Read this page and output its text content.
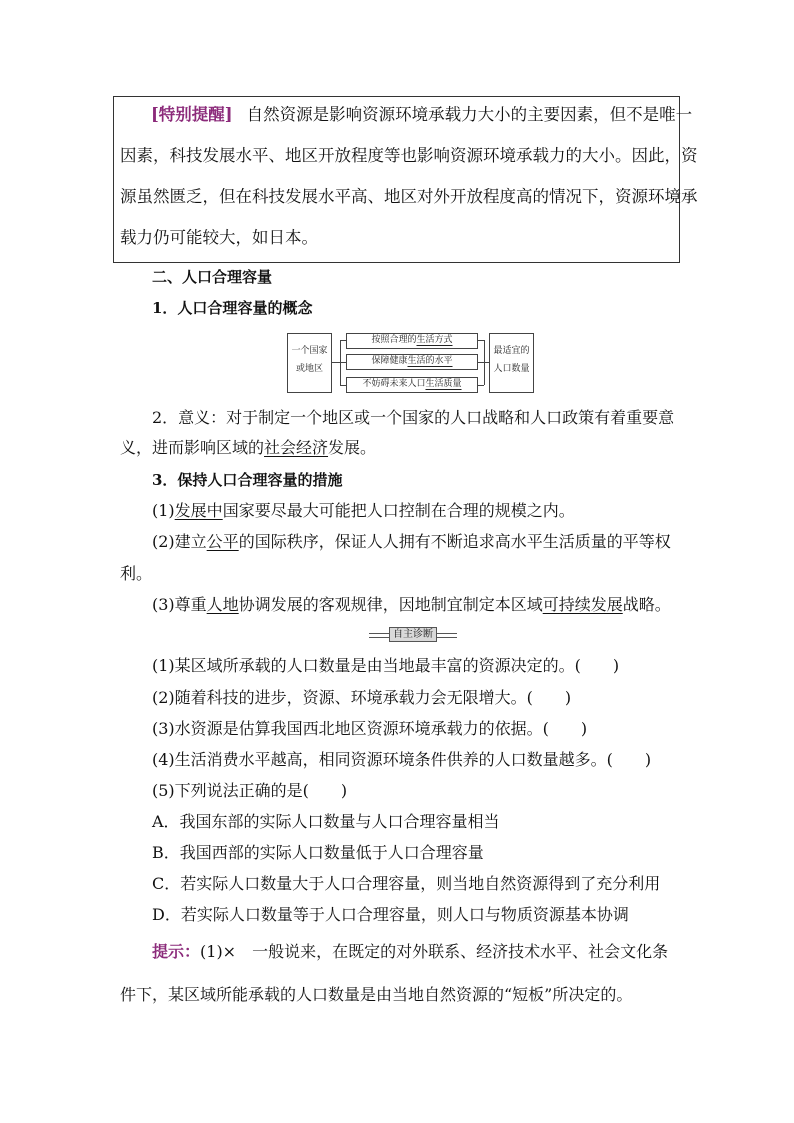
[特别提醒] 自然资源是影响资源环境承载力大小的主要因素，但不是唯一
因素，科技发展水平、地区开放程度等也影响资源环境承载力的大小。因此，资
源虽然匮乏，但在科技发展水平高、地区对外开放程度高的情况下，资源环境承
载力仍可能较大，如日本。
二、人口合理容量
1．人口合理容量的概念
一个国家
或地区
按照合理的生活方式
保障健康生活的水平
不妨碍未来人口生活质量
最适宜的
人口数量
2．意义：对于制定一个地区或一个国家的人口战略和人口政策有着重要意
义，进而影响区域的社会经济发展。
3．保持人口合理容量的措施
(1)发展中国家要尽最大可能把人口控制在合理的规模之内。
(2)建立公平的国际秩序，保证人人拥有不断追求高水平生活质量的平等权
利。
(3)尊重人地协调发展的客观规律，因地制宜制定本区域可持续发展战略。
自主诊断
(1)某区域所承载的人口数量是由当地最丰富的资源决定的。(　　)
(2)随着科技的进步，资源、环境承载力会无限增大。(　　)
(3)水资源是估算我国西北地区资源环境承载力的依据。(　　)
(4)生活消费水平越高，相同资源环境条件供养的人口数量越多。(　　)
(5)下列说法正确的是(　　)
A．我国东部的实际人口数量与人口合理容量相当
B．我国西部的实际人口数量低于人口合理容量
C．若实际人口数量大于人口合理容量，则当地自然资源得到了充分利用
D．若实际人口数量等于人口合理容量，则人口与物质资源基本协调
提示：(1)×　一般说来，在既定的对外联系、经济技术水平、社会文化条
件下，某区域所能承载的人口数量是由当地自然资源的“短板”所决定的。
